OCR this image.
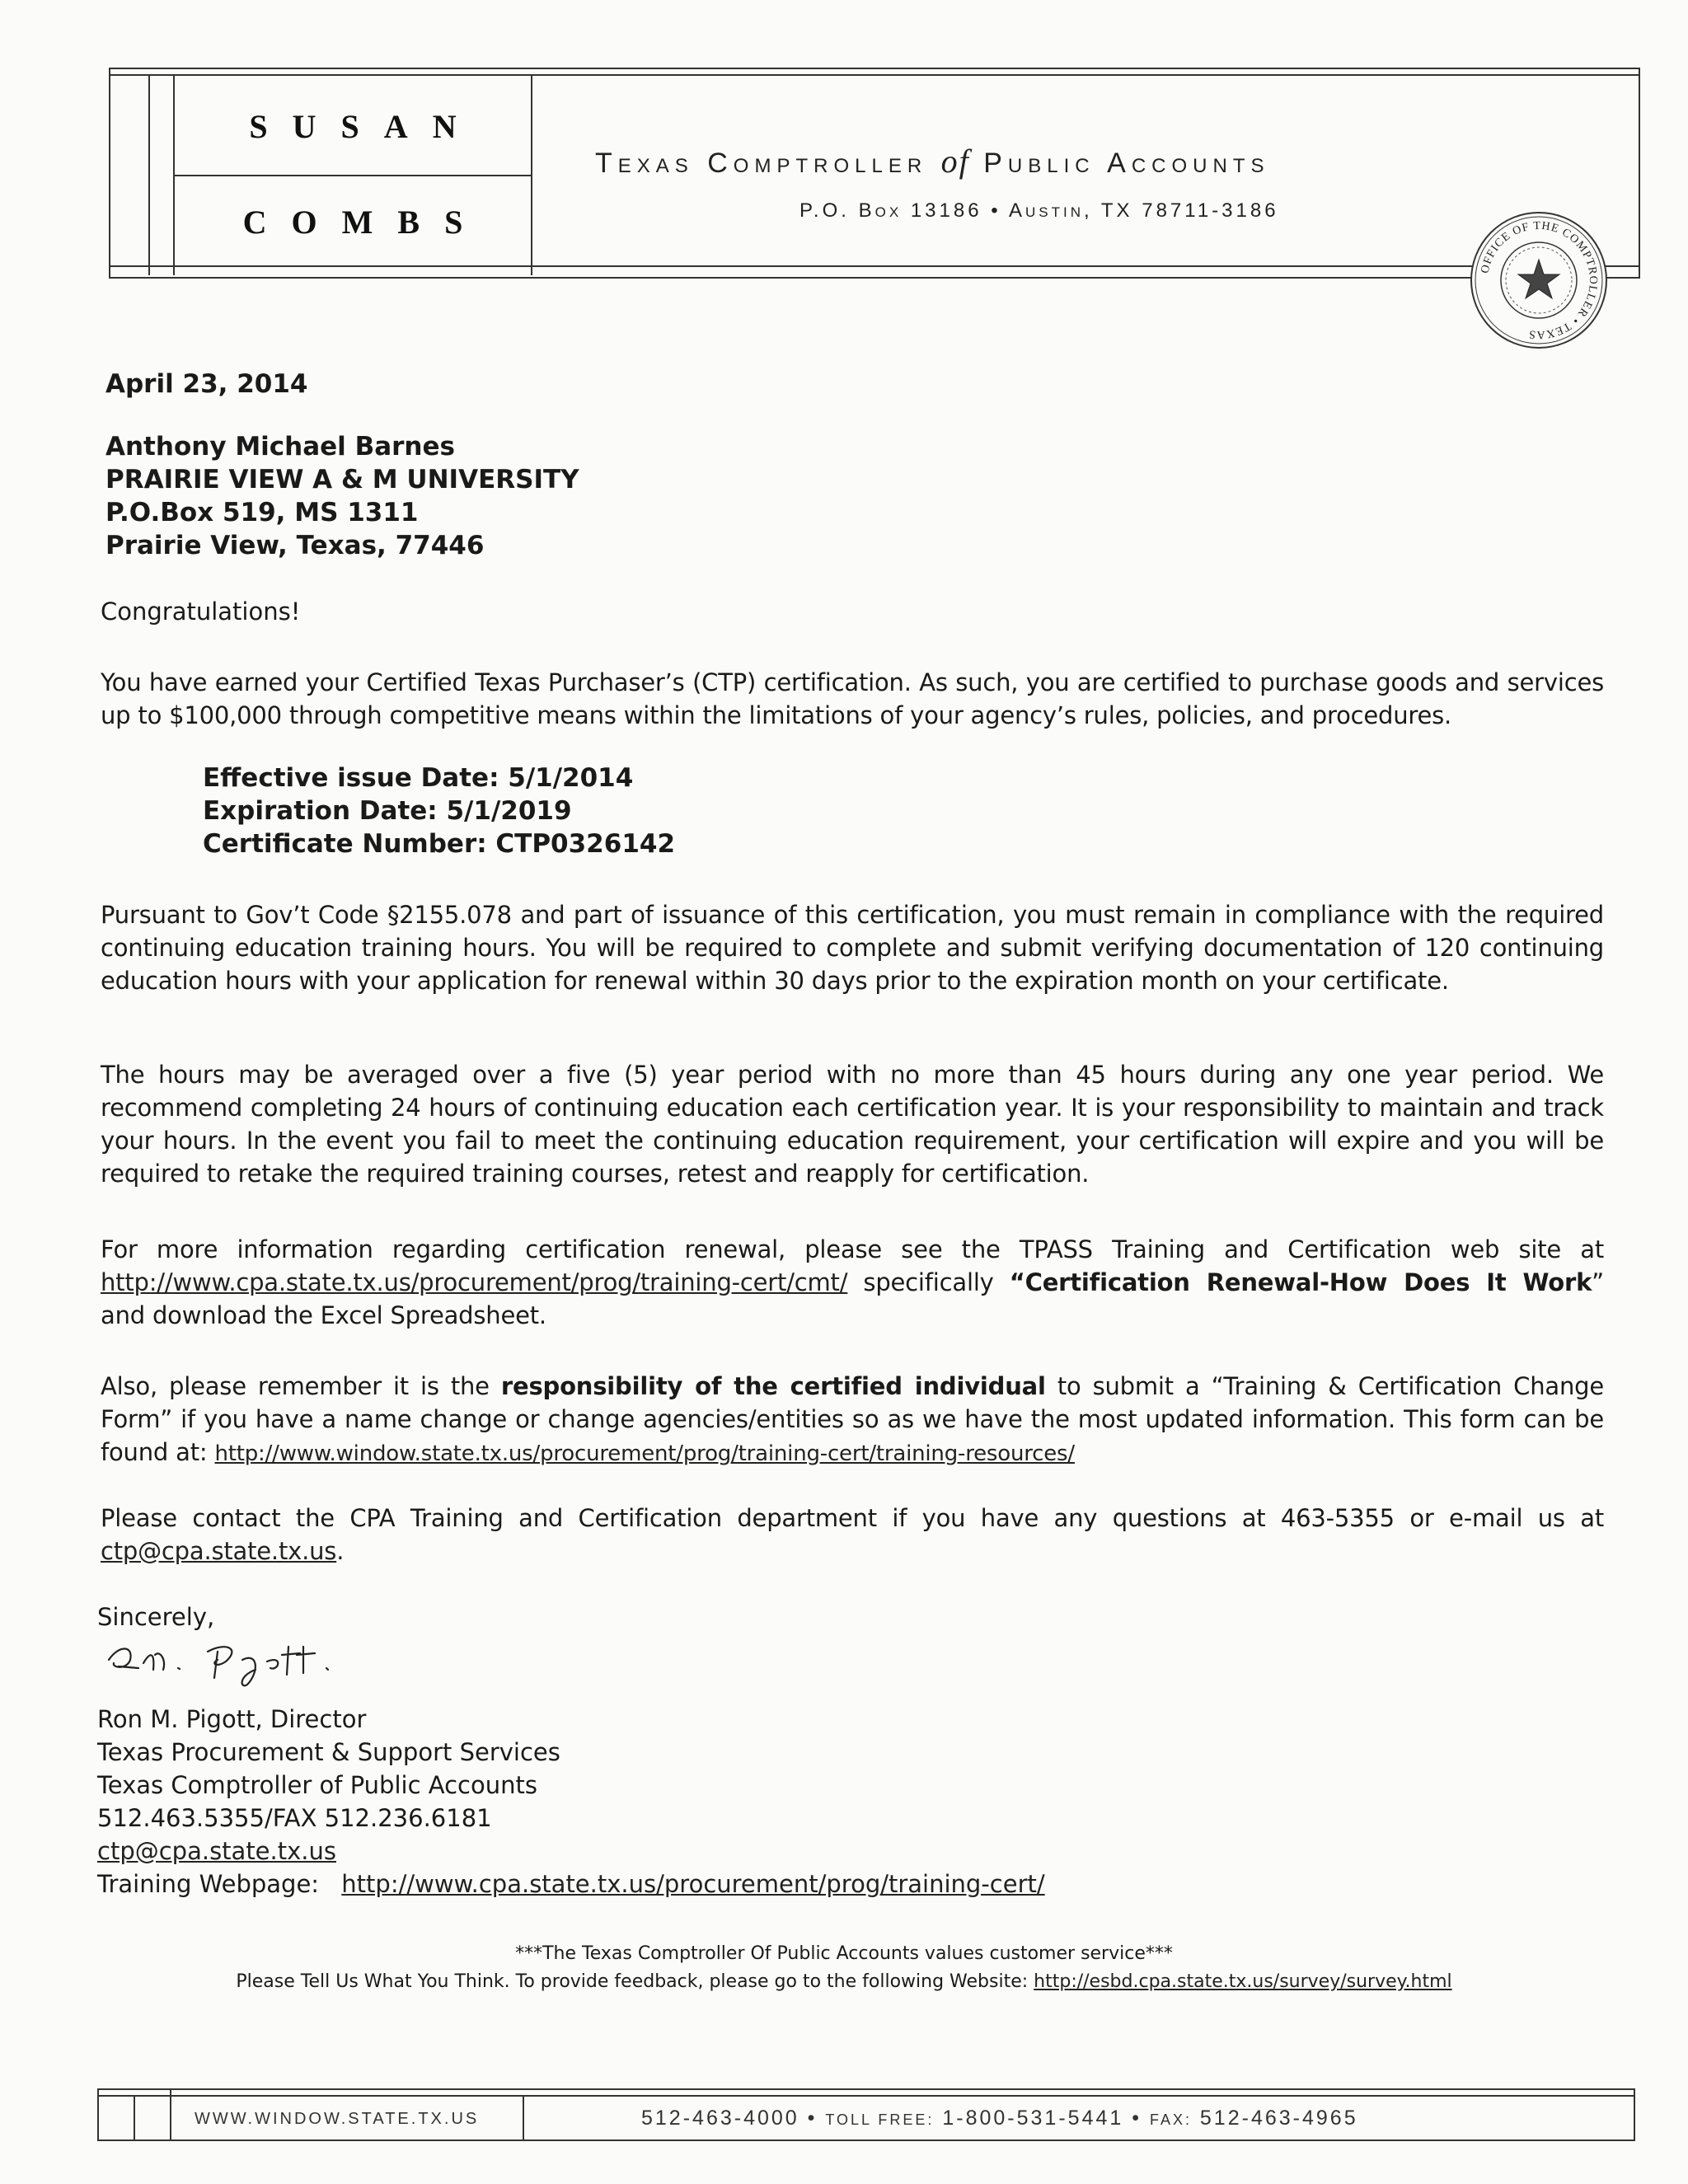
SUSAN
COMBS
Texas Comptroller of Public Accounts
P.O. Box 13186 • Austin, TX 78711-3186
OFFICE OF THE COMPTROLLER • TEXAS
April 23, 2014
Anthony Michael Barnes
PRAIRIE VIEW A & M UNIVERSITY
P.O.Box 519, MS 1311
Prairie View, Texas, 77446
Congratulations!
You have earned your Certified Texas Purchaser’s (CTP) certification. As such, you are certified to purchase goods and services up to $100,000 through competitive means within the limitations of your agency’s rules, policies, and procedures.
Effective issue Date: 5/1/2014
Expiration Date: 5/1/2019
Certificate Number: CTP0326142
Pursuant to Gov’t Code §2155.078 and part of issuance of this certification, you must remain in compliance with the required continuing education training hours. You will be required to complete and submit verifying documentation of 120 continuing education hours with your application for renewal within 30 days prior to the expiration month on your certificate.
The hours may be averaged over a five (5) year period with no more than 45 hours during any one year period. We recommend completing 24 hours of continuing education each certification year. It is your responsibility to maintain and track your hours. In the event you fail to meet the continuing education requirement, your certification will expire and you will be required to retake the required training courses, retest and reapply for certification.
For more information regarding certification renewal, please see the TPASS Training and Certification web site at http://www.cpa.state.tx.us/procurement/prog/training-cert/cmt/ specifically “Certification Renewal-How Does It Work” and download the Excel Spreadsheet.
Also, please remember it is the responsibility of the certified individual to submit a “Training & Certification Change Form” if you have a name change or change agencies/entities so as we have the most updated information. This form can be found at: http://www.window.state.tx.us/procurement/prog/training-cert/training-resources/
Please contact the CPA Training and Certification department if you have any questions at 463-5355 or e-mail us at ctp@cpa.state.tx.us.
Sincerely,
Ron M. Pigott, Director
Texas Procurement & Support Services
Texas Comptroller of Public Accounts
512.463.5355/FAX 512.236.6181
ctp@cpa.state.tx.us
Training Webpage: http://www.cpa.state.tx.us/procurement/prog/training-cert/
***The Texas Comptroller Of Public Accounts values customer service***
Please Tell Us What You Think. To provide feedback, please go to the following Website: http://esbd.cpa.state.tx.us/survey/survey.html
WWW.WINDOW.STATE.TX.US	512-463-4000 • TOLL FREE: 1-800-531-5441 • FAX: 512-463-4965
